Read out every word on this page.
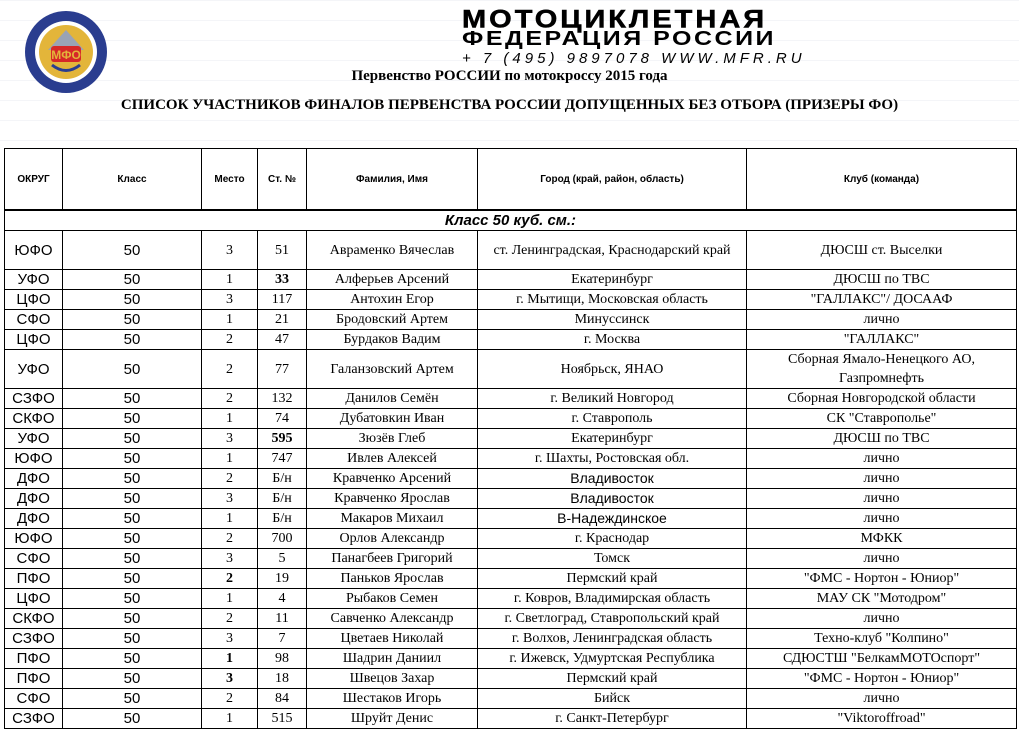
МФО
МОТОЦИКЛЕТНАЯ
ФЕДЕРАЦИЯ РОССИИ
+ 7 (495) 9897078 WWW.MFR.RU
Первенство РОССИИ по мотокроссу 2015 года
СПИСОК УЧАСТНИКОВ ФИНАЛОВ ПЕРВЕНСТВА РОССИИ ДОПУЩЕННЫХ БЕЗ ОТБОРА (ПРИЗЕРЫ ФО)
ОКРУГ	Класс	Место	Ст. №	Фамилия, Имя	Город (край, район, область)	Клуб (команда)
Класс 50 куб. см.:						
ЮФО	50	3	51	Авраменко Вячеслав	ст. Ленинградская, Краснодарский край	ДЮСШ ст. Выселки
УФО	50	1	33	Алферьев Арсений	Екатеринбург	ДЮСШ по ТВС
ЦФО	50	3	117	Антохин Егор	г. Мытищи, Московская область	"ГАЛЛАКС"/ ДОСААФ
СФО	50	1	21	Бродовский Артем	Минуссинск	лично
ЦФО	50	2	47	Бурдаков Вадим	г. Москва	"ГАЛЛАКС"
УФО	50	2	77	Галанзовский Артем	Ноябрьск, ЯНАО	Сборная Ямало-Ненецкого АО, Газпромнефть
СЗФО	50	2	132	Данилов Семён	г. Великий Новгород	Сборная Новгородской области
СКФО	50	1	74	Дубатовкин Иван	г. Ставрополь	СК "Ставрополье"
УФО	50	3	595	Зюзёв Глеб	Екатеринбург	ДЮСШ по ТВС
ЮФО	50	1	747	Ивлев Алексей	г. Шахты, Ростовская обл.	лично
ДФО	50	2	Б/н	Кравченко Арсений	Владивосток	лично
ДФО	50	3	Б/н	Кравченко Ярослав	Владивосток	лично
ДФО	50	1	Б/н	Макаров Михаил	В-Надеждинское	лично
ЮФО	50	2	700	Орлов Александр	г. Краснодар	МФКК
СФО	50	3	5	Панагбеев Григорий	Томск	лично
ПФО	50	2	19	Паньков Ярослав	Пермский край	"ФМС - Нортон - Юниор"
ЦФО	50	1	4	Рыбаков Семен	г. Ковров, Владимирская область	МАУ СК "Мотодром"
СКФО	50	2	11	Савченко Александр	г. Светлоград, Ставропольский край	лично
СЗФО	50	3	7	Цветаев Николай	г. Волхов, Ленинградская область	Техно-клуб "Колпино"
ПФО	50	1	98	Шадрин Даниил	г. Ижевск, Удмуртская Республика	СДЮСТШ "БелкамМОТОспорт"
ПФО	50	3	18	Швецов Захар	Пермский край	"ФМС - Нортон - Юниор"
СФО	50	2	84	Шестаков Игорь	Бийск	лично
СЗФО	50	1	515	Шруйт Денис	г. Санкт-Петербург	"Viktoroffroad"
